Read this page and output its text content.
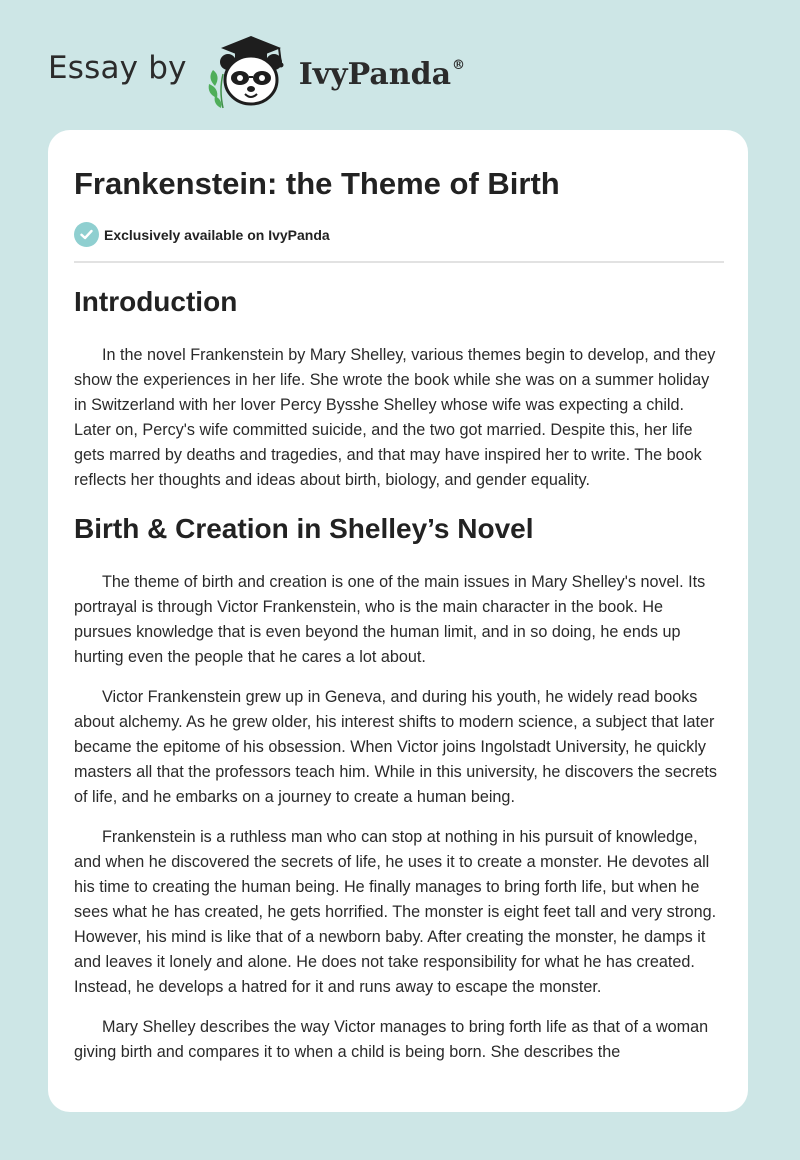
Essay by	IvyPanda®
Frankenstein: the Theme of Birth
Exclusively available on IvyPanda
Introduction

In the novel Frankenstein by Mary Shelley, various themes begin to develop, and they show the experiences in her life. She wrote the book while she was on a summer holiday in Switzerland with her lover Percy Bysshe Shelley whose wife was expecting a child. Later on, Percy's wife committed suicide, and the two got married. Despite this, her life gets marred by deaths and tragedies, and that may have inspired her to write. The book reflects her thoughts and ideas about birth, biology, and gender equality.

Birth & Creation in Shelley’s Novel

The theme of birth and creation is one of the main issues in Mary Shelley's novel. Its portrayal is through Victor Frankenstein, who is the main character in the book. He pursues knowledge that is even beyond the human limit, and in so doing, he ends up hurting even the people that he cares a lot about.

Victor Frankenstein grew up in Geneva, and during his youth, he widely read books about alchemy. As he grew older, his interest shifts to modern science, a subject that later became the epitome of his obsession. When Victor joins Ingolstadt University, he quickly masters all that the professors teach him. While in this university, he discovers the secrets of life, and he embarks on a journey to create a human being.

Frankenstein is a ruthless man who can stop at nothing in his pursuit of knowledge, and when he discovered the secrets of life, he uses it to create a monster. He devotes all his time to creating the human being. He finally manages to bring forth life, but when he sees what he has created, he gets horrified. The monster is eight feet tall and very strong. However, his mind is like that of a newborn baby. After creating the monster, he damps it and leaves it lonely and alone. He does not take responsibility for what he has created. Instead, he develops a hatred for it and runs away to escape the monster.

Mary Shelley describes the way Victor manages to bring forth life as that of a woman giving birth and compares it to when a child is being born. She describes the
